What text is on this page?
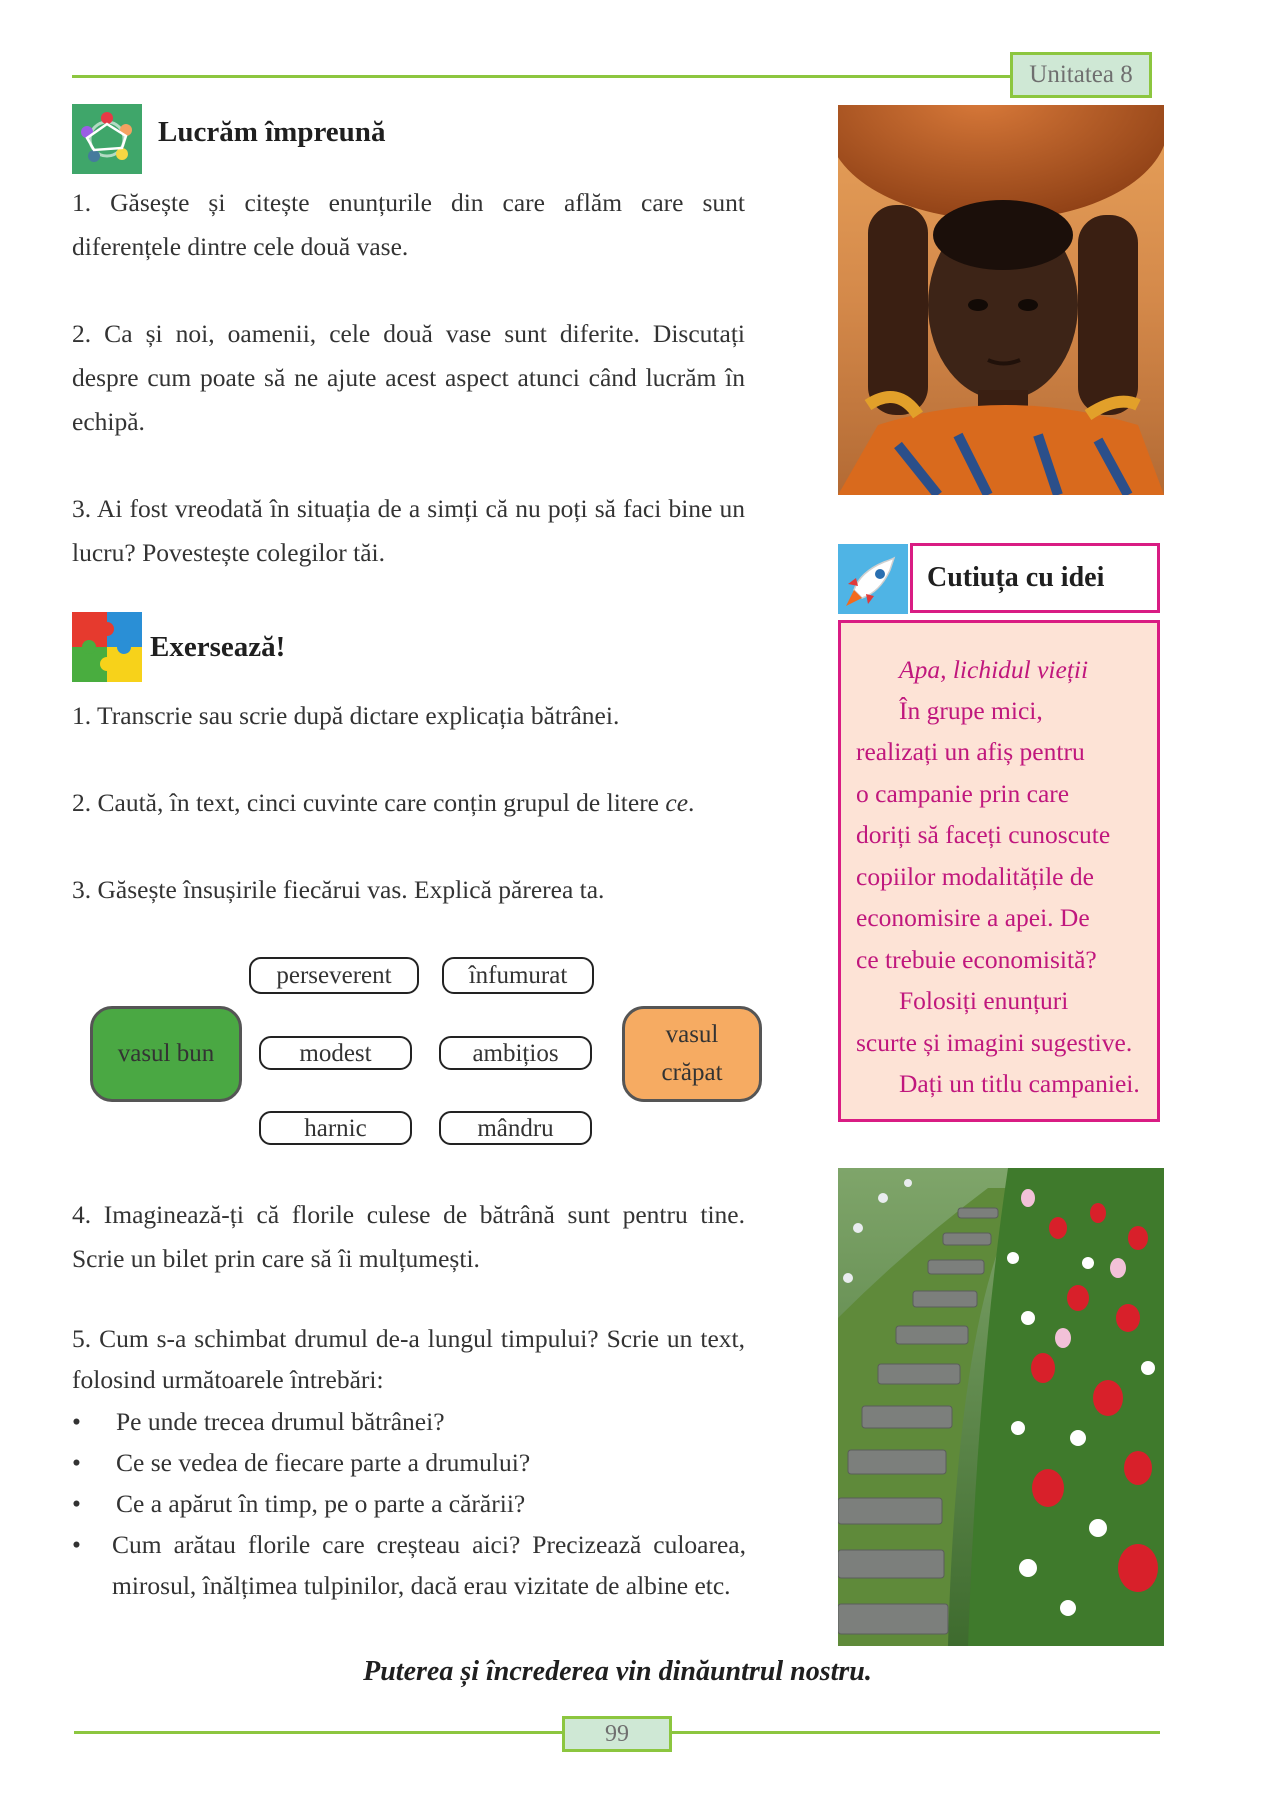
Unitatea 8
Lucrăm împreună
1. Găsește și citește enunțurile din care aflăm care sunt diferențele dintre cele două vase.
2. Ca și noi, oamenii, cele două vase sunt diferite. Discutați despre cum poate să ne ajute acest aspect atunci când lucrăm în echipă.
3. Ai fost vreodată în situația de a simți că nu poți să faci bine un lucru? Povestește colegilor tăi.
Exersează!
1. Transcrie sau scrie după dictare explicația bătrânei.
2. Caută, în text, cinci cuvinte care conțin grupul de litere ce.
3. Găsește însușirile fiecărui vas. Explică părerea ta.
vasul bun
vasul
crăpat
perseverent	înfumurat
modest	ambițios
harnic	mândru
4. Imaginează-ți că florile culese de bătrână sunt pentru tine. Scrie un bilet prin care să îi mulțumești.
5. Cum s-a schimbat drumul de-a lungul timpului? Scrie un text, folosind următoarele întrebări:
•	Pe unde trecea drumul bătrânei?
•	Ce se vedea de fiecare parte a drumului?
•	Ce a apărut în timp, pe o parte a cărării?
•	Cum arătau florile care creșteau aici? Precizează culoarea, mirosul, înălțimea tulpinilor, dacă erau vizitate de albine etc.
Puterea și încrederea vin dinăuntrul nostru.
Cutiuța cu idei
Apa, lichidul vieții
În grupe mici,
realizați un afiș pentru
o campanie prin care
doriți să faceți cunoscute
copiilor modalitățile de
economisire a apei. De
ce trebuie economisită?
Folosiți enunțuri
scurte și imagini sugestive.
Dați un titlu campaniei.
99
